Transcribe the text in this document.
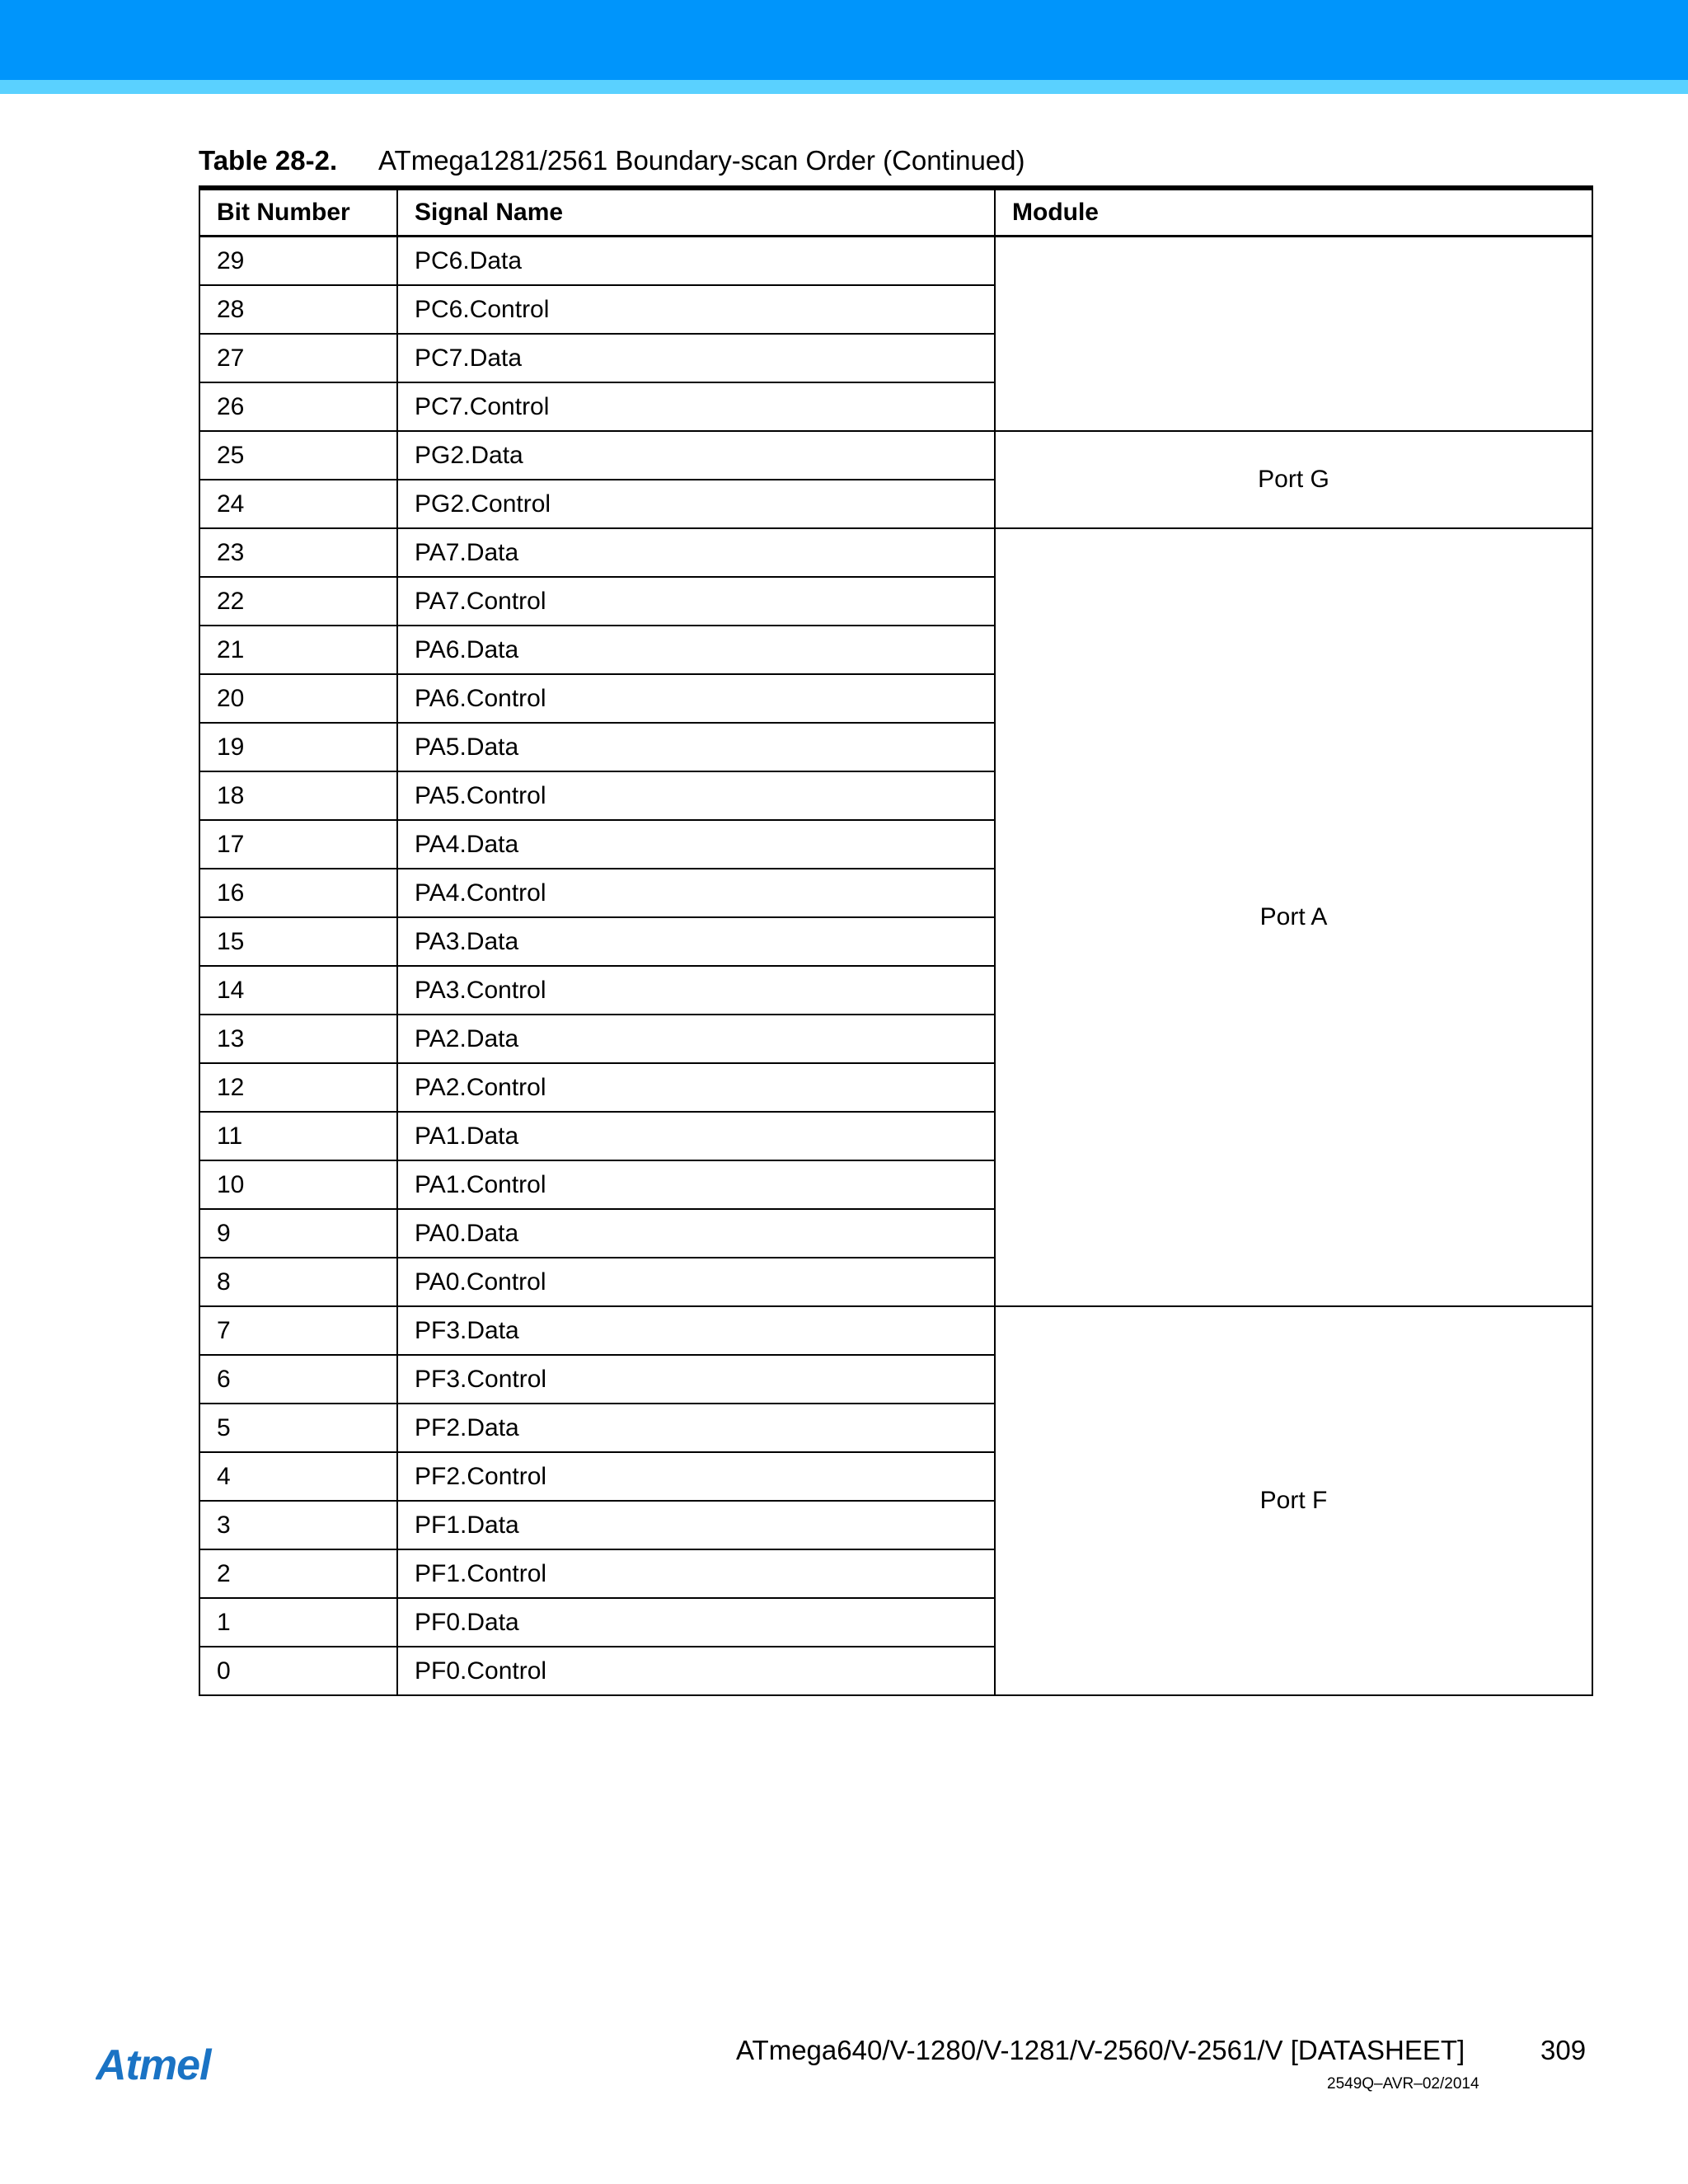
Table 28-2. ATmega1281/2561 Boundary-scan Order (Continued)
Bit Number	Signal Name	Module
29	PC6.Data	
28	PC6.Control	
27	PC7.Data	
26	PC7.Control	
25	PG2.Data	Port G
24	PG2.Control	
23	PA7.Data	Port A
22	PA7.Control	
21	PA6.Data	
20	PA6.Control	
19	PA5.Data	
18	PA5.Control	
17	PA4.Data	
16	PA4.Control	
15	PA3.Data	
14	PA3.Control	
13	PA2.Data	
12	PA2.Control	
11	PA1.Data	
10	PA1.Control	
9	PA0.Data	
8	PA0.Control	
7	PF3.Data	Port F
6	PF3.Control	
5	PF2.Data	
4	PF2.Control	
3	PF1.Data	
2	PF1.Control	
1	PF0.Data	
0	PF0.Control	
Atmel	ATmega640/V-1280/V-1281/V-2560/V-2561/V [DATASHEET]	309
2549Q–AVR–02/2014
